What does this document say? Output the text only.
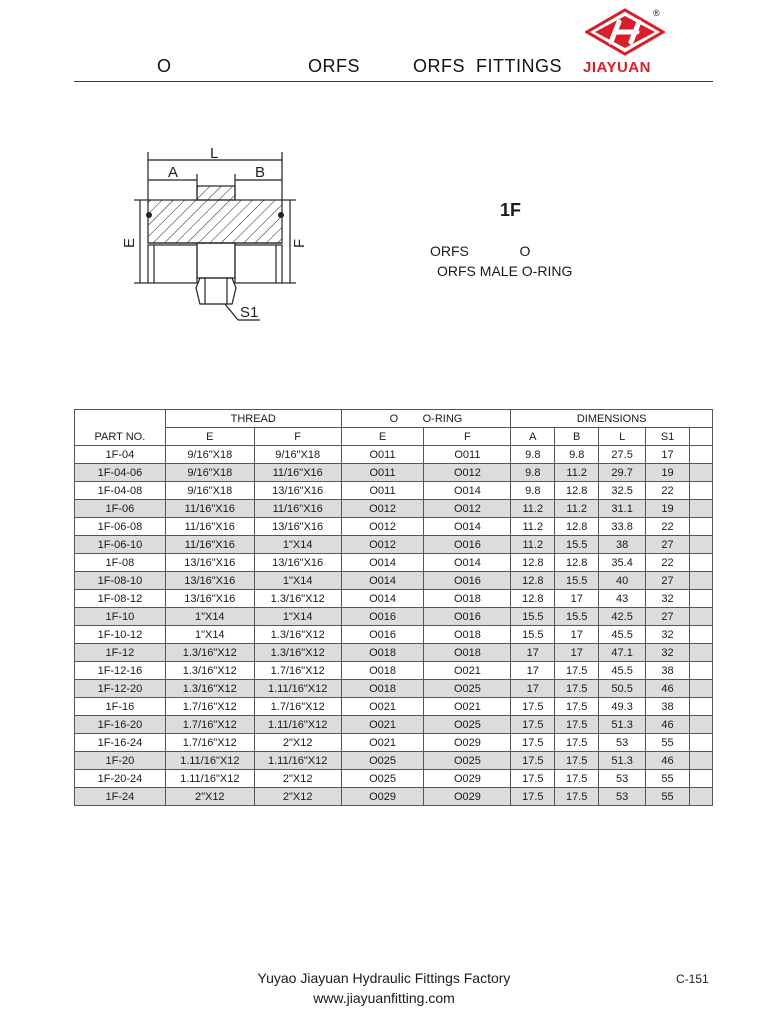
O	ORFS	ORFS  FITTINGS
®
JIAYUAN
L
A	B
E	F
S1
1F
ORFS             O
ORFS MALE O-RING
PART NO.	THREAD		O        O-RING		DIMENSIONS				
	E	F	E	F	A	B	L	S1	
1F-04	9/16"X18	9/16"X18	O011	O011	9.8	9.8	27.5	17	
1F-04-06	9/16"X18	11/16"X16	O011	O012	9.8	11.2	29.7	19	
1F-04-08	9/16"X18	13/16"X16	O011	O014	9.8	12.8	32.5	22	
1F-06	11/16"X16	11/16"X16	O012	O012	11.2	11.2	31.1	19	
1F-06-08	11/16"X16	13/16"X16	O012	O014	11.2	12.8	33.8	22	
1F-06-10	11/16"X16	1"X14	O012	O016	11.2	15.5	38	27	
1F-08	13/16"X16	13/16"X16	O014	O014	12.8	12.8	35.4	22	
1F-08-10	13/16"X16	1"X14	O014	O016	12.8	15.5	40	27	
1F-08-12	13/16"X16	1.3/16"X12	O014	O018	12.8	17	43	32	
1F-10	1"X14	1"X14	O016	O016	15.5	15.5	42.5	27	
1F-10-12	1"X14	1.3/16"X12	O016	O018	15.5	17	45.5	32	
1F-12	1.3/16"X12	1.3/16"X12	O018	O018	17	17	47.1	32	
1F-12-16	1.3/16"X12	1.7/16"X12	O018	O021	17	17.5	45.5	38	
1F-12-20	1.3/16"X12	1.11/16"X12	O018	O025	17	17.5	50.5	46	
1F-16	1.7/16"X12	1.7/16"X12	O021	O021	17.5	17.5	49.3	38	
1F-16-20	1.7/16"X12	1.11/16"X12	O021	O025	17.5	17.5	51.3	46	
1F-16-24	1.7/16"X12	2"X12	O021	O029	17.5	17.5	53	55	
1F-20	1.11/16"X12	1.11/16"X12	O025	O025	17.5	17.5	51.3	46	
1F-20-24	1.11/16"X12	2"X12	O025	O029	17.5	17.5	53	55	
1F-24	2"X12	2"X12	O029	O029	17.5	17.5	53	55	
Yuyao Jiayuan Hydraulic Fittings Factory
www.jiayuanfitting.com
C-151
